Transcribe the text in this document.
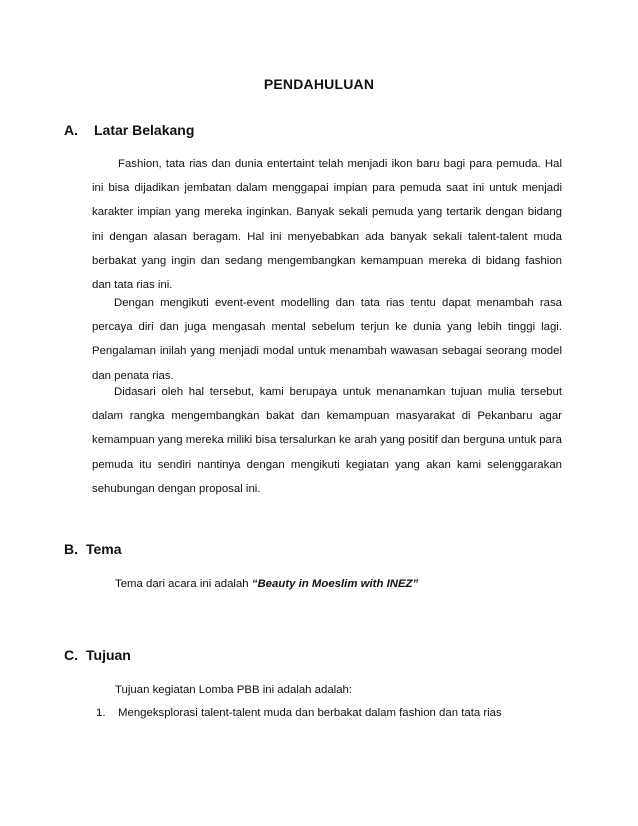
PENDAHULUAN
A. Latar Belakang
Fashion, tata rias dan dunia entertaint telah menjadi ikon baru bagi para pemuda. Hal ini bisa dijadikan jembatan dalam menggapai impian para pemuda saat ini untuk menjadi karakter impian yang mereka inginkan. Banyak sekali pemuda yang tertarik dengan bidang ini dengan alasan beragam. Hal ini menyebabkan ada banyak sekali talent-talent muda berbakat yang ingin dan sedang mengembangkan kemampuan mereka di bidang fashion dan tata rias ini.
Dengan mengikuti event-event modelling dan tata rias tentu dapat menambah rasa percaya diri dan juga mengasah mental sebelum terjun ke dunia yang lebih tinggi lagi. Pengalaman inilah yang menjadi modal untuk menambah wawasan sebagai seorang model dan penata rias.
Didasari oleh hal tersebut, kami berupaya untuk menanamkan tujuan mulia tersebut dalam rangka mengembangkan bakat dan kemampuan masyarakat di Pekanbaru agar kemampuan yang mereka miliki bisa tersalurkan ke arah yang positif dan berguna untuk para pemuda itu sendiri nantinya dengan mengikuti kegiatan yang akan kami selenggarakan sehubungan dengan proposal ini.
B. Tema
Tema dari acara ini adalah “Beauty in Moeslim with INEZ”
C. Tujuan
Tujuan kegiatan Lomba PBB ini adalah adalah:
1. Mengeksplorasi talent-talent muda dan berbakat dalam fashion dan tata rias
